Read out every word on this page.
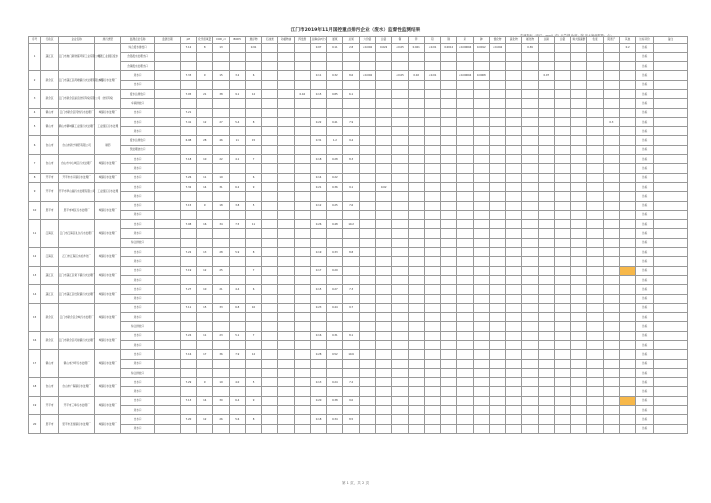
江门市2019年11月国控重点排污企业（废水）监督性监测结果
序号	行政区	企业名称	排污类型	监测点位名称	监测日期	pH	化学需氧量	COD_cr	BOD5	悬浮物	石油类	动植物油	挥发酚	总磷(以P计)	氨氮	总氮	六价铬	总铬	铜	锌	铅	镉	汞	砷	氰化物	硫化物	氟化物	总镍	总银	粪大肠菌群	色度	阴离子	其他	达标评价	备注
1	蓬江区	江门市崖门新财富环保工业有限公司	电镀工业园区废水	综合废水排放口		7.12	8	13		0.91				0.07	0.11	2.8	<0.004	0.022	<0.05	0.021	<0.01	0.0012	<0.00004	0.0012	<0.004		0.36						0.2	达标	
				含铬废水处理出口																														达标	
				含镍废水处理出口																														达标	
2	新会区	江门市蓬江区荷塘镇污水处理有限公司	城镇污水处理厂	进水口		7.33	9	15	3.2	6				0.11	0.32	8.6	<0.004		<0.05	0.02	<0.01		<0.00004	0.0008				0.07						达标	
				出水口																														达标	
3	新会区	江门市新会区丽宫纺织印染有限公司	纺织印染	废水总排放口		7.05	21	38	9.1	12			0.42	0.15	0.85	6.1																		达标	
				车间排放口																														达标	
4	鹤山市	江门市新会区冈州污水处理厂	城镇污水处理厂	出水口		7.21																												达标	
5	鹤山市	鹤山市鹤城镇工业园污水处理厂	工业园区污水处理	出水口		7.41	12	27	5.4	8				0.22	0.41	7.9																0.3		达标	
				进水口																														达标	
6	台山市	台山市新宁制药有限公司	制药	废水总排放口		6.98	28	46	11	15				0.31	1.2	9.4																		达标	
				预处理池出口																														达标	
7	台山市	台山市中心城区污水处理厂	城镇污水处理厂	出水口		7.18	10	22	4.1	7				0.18	0.28	8.3																		达标	
				进水口																														达标	
8	开平市	开平市水口镇污水处理厂	城镇污水处理厂	出水口		7.26	11	19		6				0.14	0.22																			达标	
9	开平市	开平市翠山湖污水处理有限公司	工业园区污水处理	出水口		7.32	14	31	6.2	9				0.21	0.36	9.1		0.02																达标	
				进水口																														达标	
10	恩平市	恩平市城区污水处理厂	城镇污水处理厂	出水口		7.15	9	18	3.8	5				0.12	0.25	7.6																		达标	
				进水口																														达标	
11	江海区	江门市江海区礼乐污水处理厂	城镇污水处理厂	出水口		7.08	16	34	7.5	11				0.26	0.48	10.2																		达标	
				进水口																														达标	
				综合排放口																														达标	
12	江海区	江门市江海区水质净化厂	城镇污水处理厂	出水口		7.22	13	28	5.9	8				0.19	0.33	8.8																		达标	
				进水口																														达标	
13	蓬江区	江门市蓬江区棠下镇污水处理厂	城镇污水处理厂	出水口		7.19	12	25		7				0.17	0.29																			达标	
				进水口																														达标	
14	蓬江区	江门市蓬江区杜阮镇污水处理厂	城镇污水处理厂	出水口		7.27	10	21	4.4	6				0.15	0.27	7.3																		达标	
				进水口																														达标	
15	新会区	江门市新会区会城污水处理厂	城镇污水处理厂	出水口		7.11	15	33	6.8	10				0.23	0.44	9.7																		达标	
				进水口																														达标	
				综合排放口																														达标	
16	新会区	江门市新会区司前镇污水处理厂	城镇污水处理厂	出水口		7.24	11	23	5.1	7				0.16	0.31	8.1																		达标	
				进水口																														达标	
17	鹤山市	鹤山市沙坪污水处理厂	城镇污水处理厂	出水口		7.16	17	36	7.9	12				0.28	0.52	10.6																		达标	
				进水口																														达标	
				综合排放口																														达标	
18	台山市	台山市广海镇污水处理厂	城镇污水处理厂	出水口		7.29	9	19	4.0	5				0.13	0.24	7.2																		达标	
				进水口																														达标	
19	开平市	开平市三埠污水处理厂	城镇污水处理厂	出水口		7.13	14	30	6.4	9				0.20	0.38	9.0																		达标	
				进水口																														达标	
20	恩平市	恩平市圣堂镇污水处理厂	城镇污水处理厂	出水口		7.20	12	26	5.6	8				0.18	0.34	8.5																		达标	
				进水口																														达标	
第 1 页，共 2 页
